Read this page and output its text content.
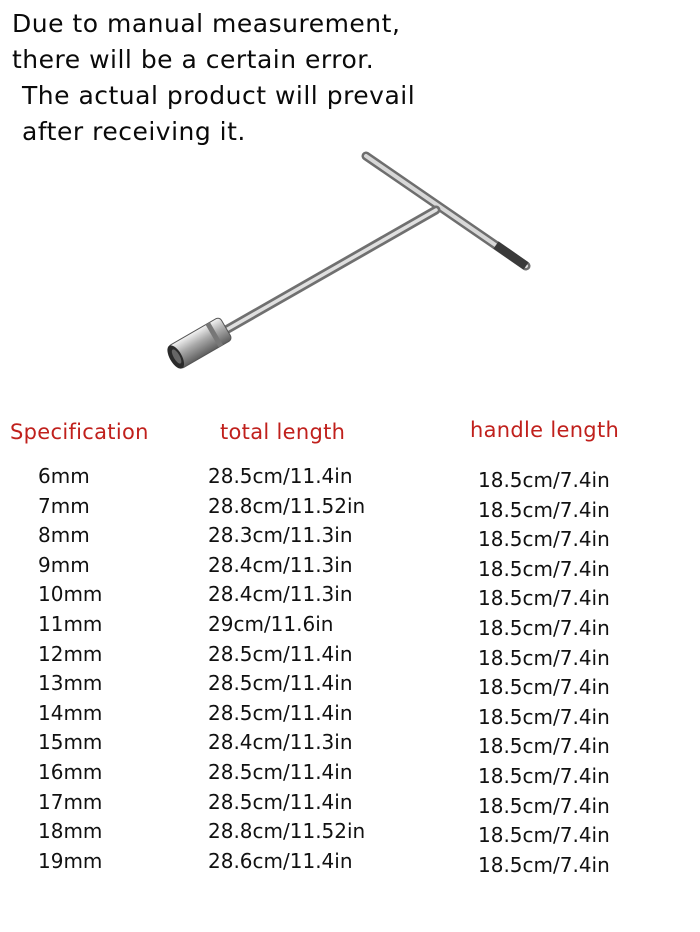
Due to manual measurement,
there will be a certain error.
The actual product will prevail
after receiving it.
Specification	total length	handle length
6mm	28.5cm/11.4in	18.5cm/7.4in
7mm	28.8cm/11.52in	18.5cm/7.4in
8mm	28.3cm/11.3in	18.5cm/7.4in
9mm	28.4cm/11.3in	18.5cm/7.4in
10mm	28.4cm/11.3in	18.5cm/7.4in
11mm	29cm/11.6in	18.5cm/7.4in
12mm	28.5cm/11.4in	18.5cm/7.4in
13mm	28.5cm/11.4in	18.5cm/7.4in
14mm	28.5cm/11.4in	18.5cm/7.4in
15mm	28.4cm/11.3in	18.5cm/7.4in
16mm	28.5cm/11.4in	18.5cm/7.4in
17mm	28.5cm/11.4in	18.5cm/7.4in
18mm	28.8cm/11.52in	18.5cm/7.4in
19mm	28.6cm/11.4in	18.5cm/7.4in
